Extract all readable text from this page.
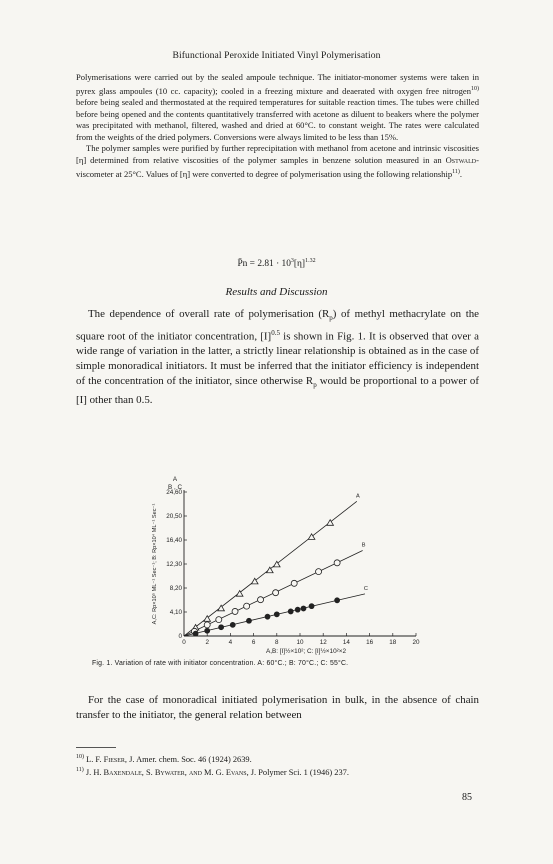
Bifunctional Peroxide Initiated Vinyl Polymerisation

Polymerisations were carried out by the sealed ampoule technique. The initiator-monomer systems were taken in pyrex glass ampoules (10 cc. capacity); cooled in a freezing mixture and deaerated with oxygen free nitrogen$^{10)}$ before being sealed and thermostated at the required temperatures for suitable reaction times. The tubes were chilled before being opened and the contents quantitatively transferred with acetone as diluent to beakers where the polymer was precipitated with methanol, filtered, washed and dried at 60°C. to constant weight. The rates were calculated from the weights of the dried polymers. Conversions were always limited to be less than 15%.

The polymer samples were purified by further reprecipitation with methanol from acetone and intrinsic viscosities [η] determined from relative viscosities of the polymer samples in benzene solution measured in an Ostwald-viscometer at 25°C. Values of [η] were converted to degree of polymerisation using the following relationship$^{11)}$.

P̄n = $2.81 \cdot 10^3[\eta]^{1.32}$
Results and Discussion

The dependence of overall rate of polymerisation $(R_p)$ of methyl methacrylate on the square root of the initiator concentration, $[I]^{0.5}$ is shown in Fig. 1. It is observed that over a wide range of variation in the latter, a strictly linear relationship is obtained as in the case of simple monoradical initiators. It must be inferred that the initiator efficiency is independent of the concentration of the initiator, since otherwise $R_p$ would be proportional to a power of [I] other than 0.5.

0	2	4	6	8	10	12	14	16	18	20
0
4,10
8,20
12,30
16,40
20,50
24,60
A
B , C
A,B: [I]½×10²; C: [I]½×10²×2
A,C: Rp×10⁵ ML⁻¹ Sec⁻¹; B: Rp×10⁴ ML⁻¹ Sec⁻¹
A
B
C
Fig. 1. Variation of rate with initiator concentration. A: 60°C.; B: 70°C.; C: 55°C.

For the case of monoradical initiated polymerisation in bulk, in the absence of chain transfer to the initiator, the general relation between

$^{10)}$ L. F. Fieser, J. Amer. chem. Soc. 46 (1924) 2639.
$^{11)}$ J. H. Baxendale, S. Bywater, and M. G. Evans, J. Polymer Sci. 1 (1946) 237.
85
